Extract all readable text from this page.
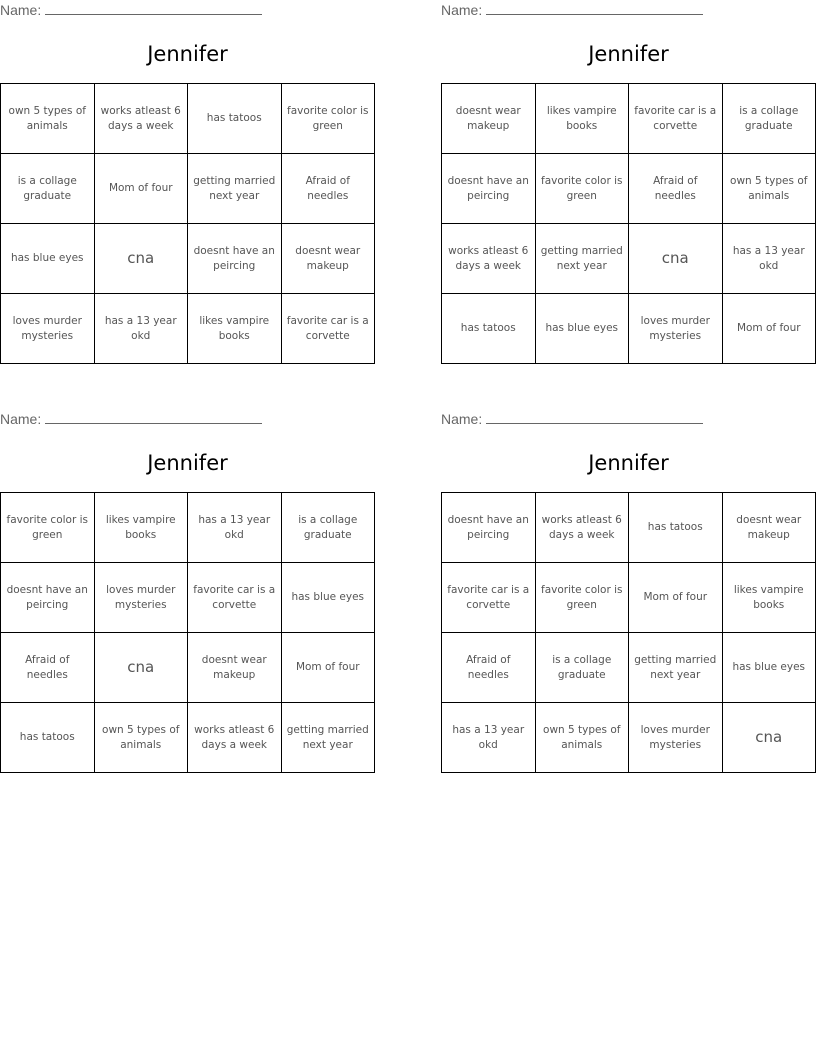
Name:
Jennifer
own 5 types of animals	works atleast 6 days a week	has tatoos	favorite color is green
is a collage graduate	Mom of four	getting married next year	Afraid of needles
has blue eyes	cna	doesnt have an peircing	doesnt wear makeup
loves murder mysteries	has a 13 year okd	likes vampire books	favorite car is a corvette
Name:
Jennifer
doesnt wear makeup	likes vampire books	favorite car is a corvette	is a collage graduate
doesnt have an peircing	favorite color is green	Afraid of needles	own 5 types of animals
works atleast 6 days a week	getting married next year	cna	has a 13 year okd
has tatoos	has blue eyes	loves murder mysteries	Mom of four
Name:
Jennifer
favorite color is green	likes vampire books	has a 13 year okd	is a collage graduate
doesnt have an peircing	loves murder mysteries	favorite car is a corvette	has blue eyes
Afraid of needles	cna	doesnt wear makeup	Mom of four
has tatoos	own 5 types of animals	works atleast 6 days a week	getting married next year
Name:
Jennifer
doesnt have an peircing	works atleast 6 days a week	has tatoos	doesnt wear makeup
favorite car is a corvette	favorite color is green	Mom of four	likes vampire books
Afraid of needles	is a collage graduate	getting married next year	has blue eyes
has a 13 year okd	own 5 types of animals	loves murder mysteries	cna
